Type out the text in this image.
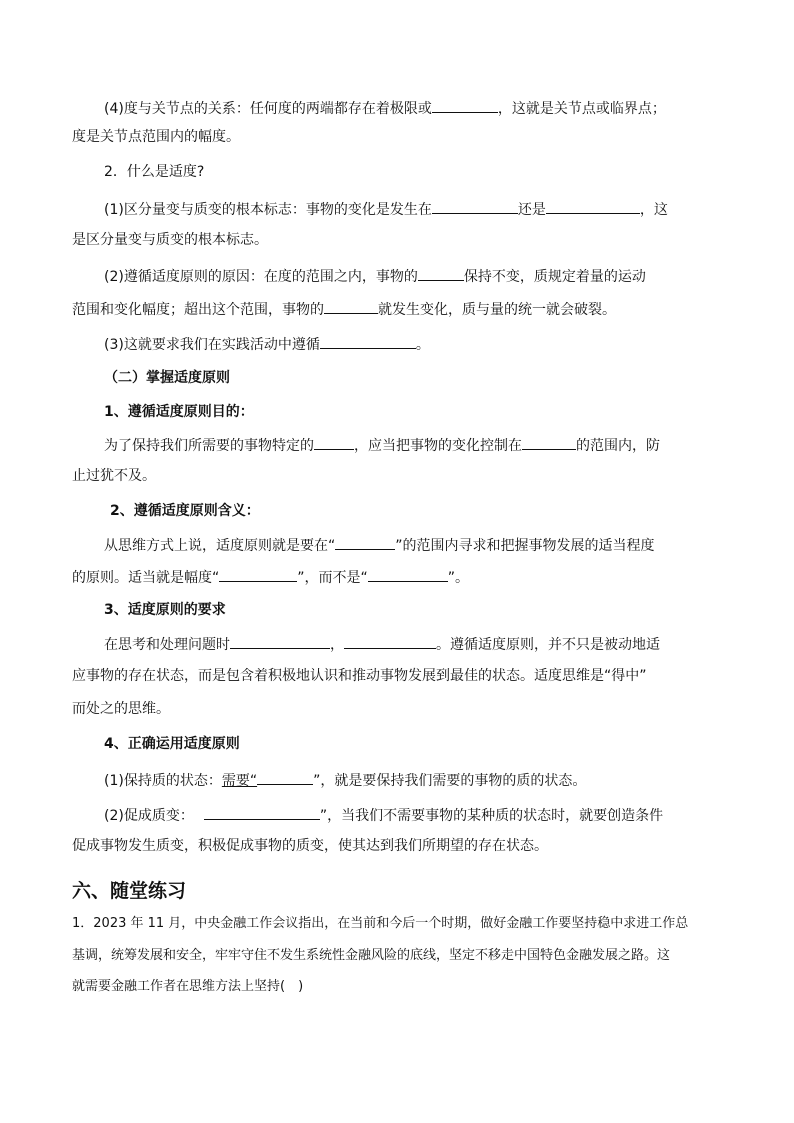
(4)度与关节点的关系：任何度的两端都存在着极限或	，这就是关节点或临界点；
度是关节点范围内的幅度。
2．什么是适度?
(1)区分量变与质变的根本标志：事物的变化是发生在	还是	，这
是区分量变与质变的根本标志。
(2)遵循适度原则的原因：在度的范围之内，事物的	保持不变，质规定着量的运动
范围和变化幅度；超出这个范围，事物的	就发生变化，质与量的统一就会破裂。
(3)这就要求我们在实践活动中遵循	。
（二）掌握适度原则
1、遵循适度原则目的：
为了保持我们所需要的事物特定的	，应当把事物的变化控制在	的范围内，防
止过犹不及。
2、遵循适度原则含义：
从思维方式上说，适度原则就是要在“	”的范围内寻求和把握事物发展的适当程度
的原则。适当就是幅度“	”，而不是“	”。
3、适度原则的要求
在思考和处理问题时	，	。遵循适度原则，并不只是被动地适
应事物的存在状态，而是包含着积极地认识和推动事物发展到最佳的状态。适度思维是“得中”
而处之的思维。
4、正确运用适度原则
(1)保持质的状态：需要“	”，就是要保持我们需要的事物的质的状态。
(2)促成质变：	”，当我们不需要事物的某种质的状态时，就要创造条件
促成事物发生质变，积极促成事物的质变，使其达到我们所期望的存在状态。
六、随堂练习
1．2023 年 11 月，中央金融工作会议指出，在当前和今后一个时期，做好金融工作要坚持稳中求进工作总
基调，统筹发展和安全，牢牢守住不发生系统性金融风险的底线，坚定不移走中国特色金融发展之路。这
就需要金融工作者在思维方法上坚持(　)
